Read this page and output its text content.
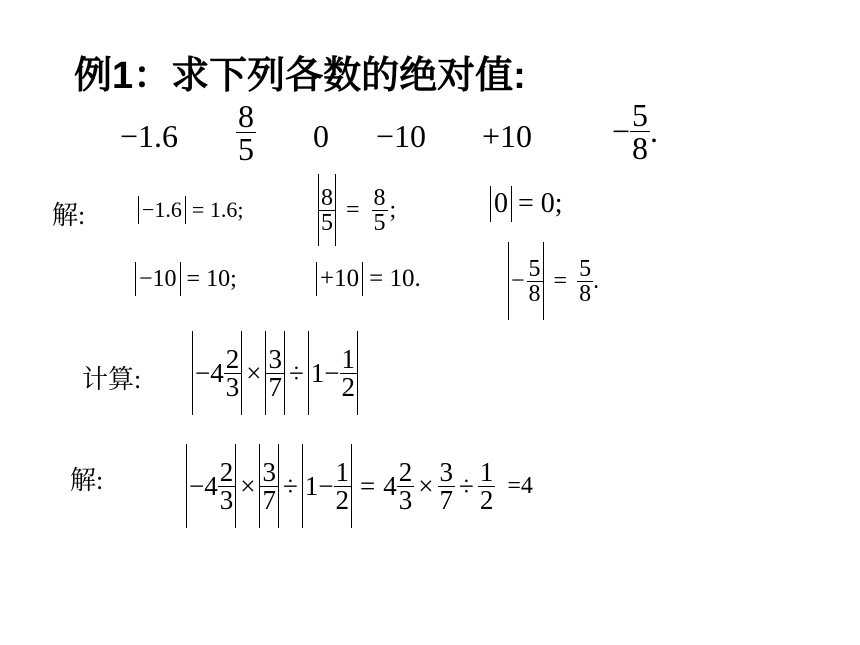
例1：求下列各数的绝对值:
$-1.6 \frac{8}{5} 0 -10 +10 - \frac{5}{8}$ .
解:	−1.6 = 1.6;	$\frac{8}{5} = \frac{8}{5}$ ;	0 = 0;
−10 = 10;	+10 = 10.	− $\frac{5}{8} = \frac{5}{8}$ .
计算: $-4 \frac{2}{3} \times \frac{3}{7} \div 1- \frac{1}{2}$
解:	$-4 \frac{2}{3} \times \frac{3}{7} \div 1- \frac{1}{2} = 4 \frac{2}{3} \times \frac{3}{7} \div \frac{1}{2} =4$
